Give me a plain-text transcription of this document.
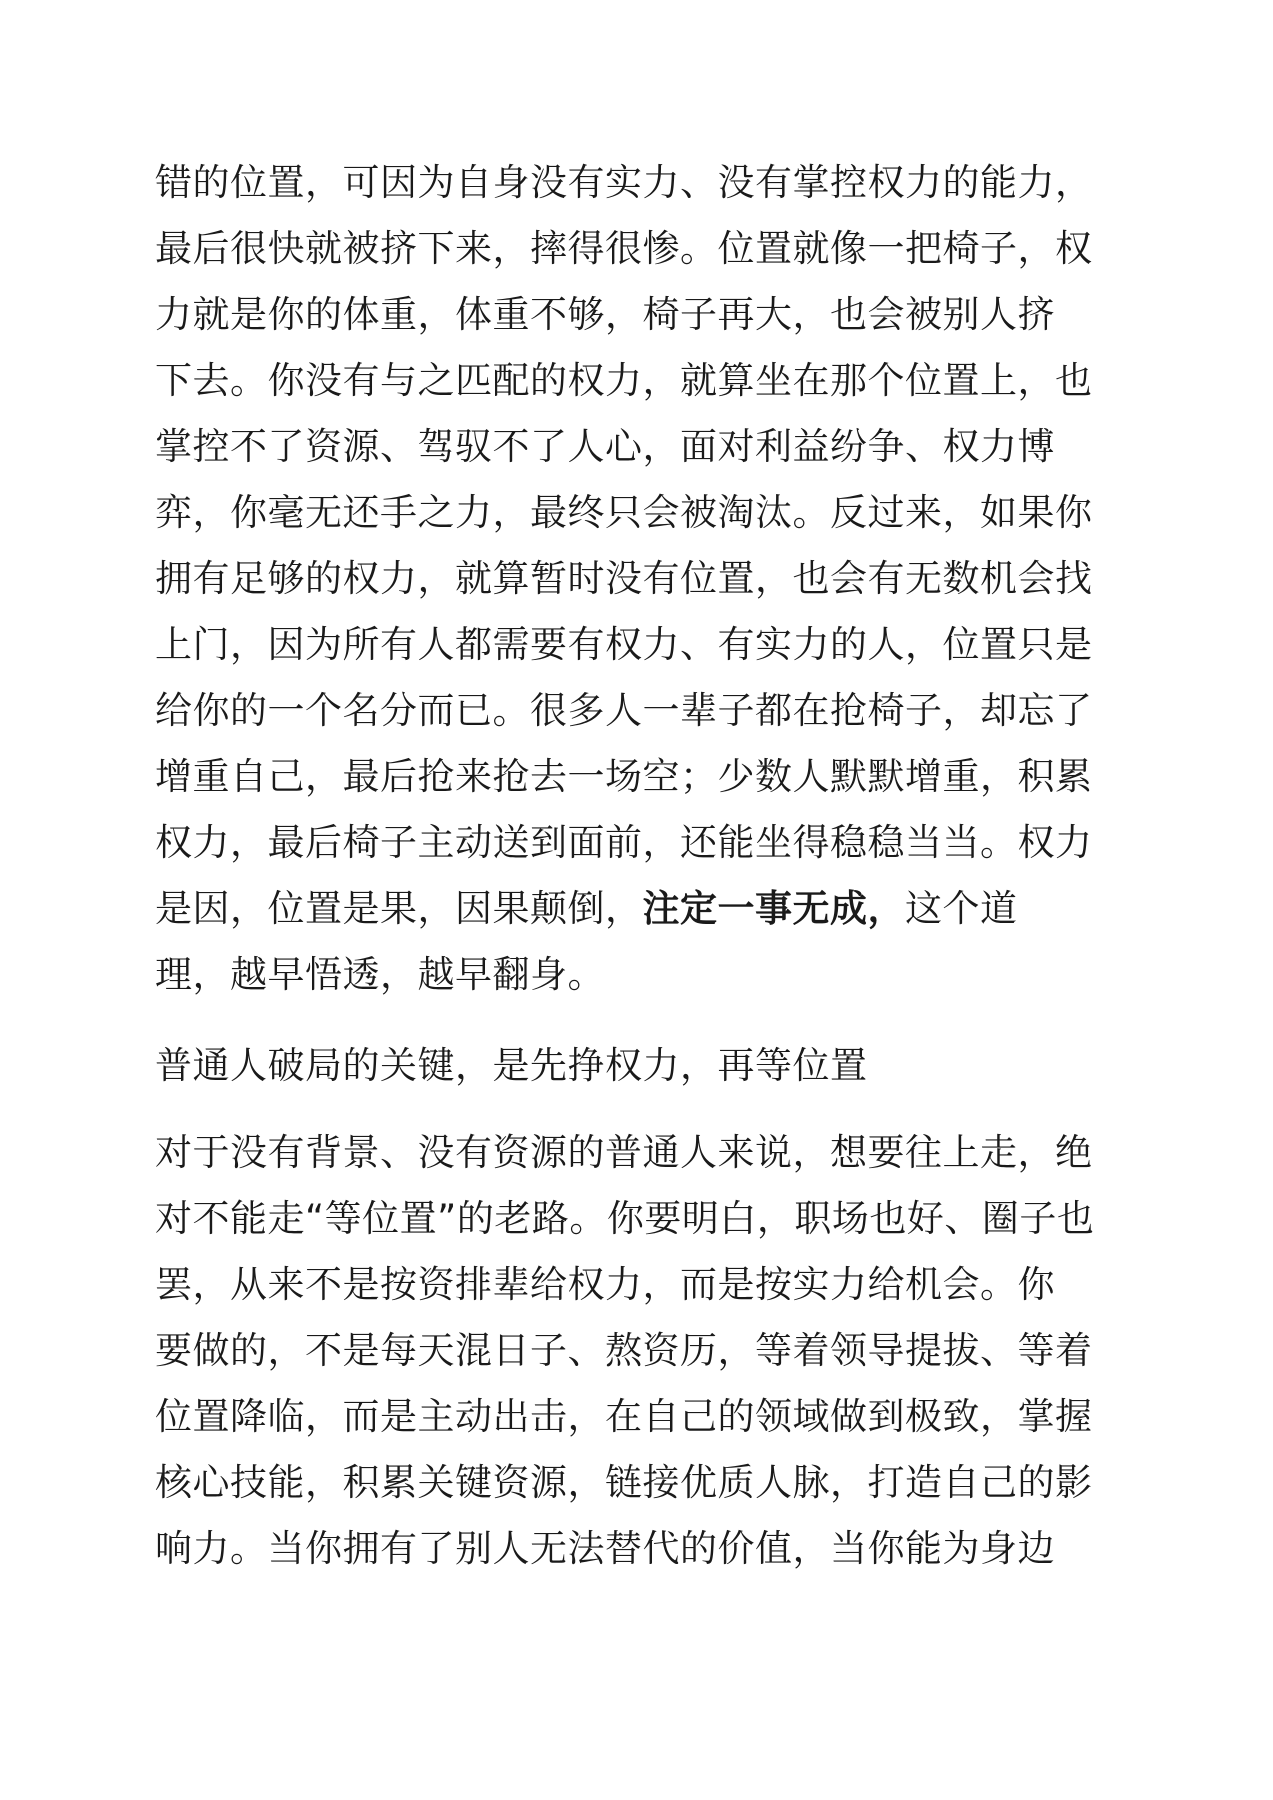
错的位置，可因为自身没有实力、没有掌控权力的能力，
最后很快就被挤下来，摔得很惨。位置就像一把椅子，权
力就是你的体重，体重不够，椅子再大，也会被别人挤
下去。你没有与之匹配的权力，就算坐在那个位置上，也
掌控不了资源、驾驭不了人心，面对利益纷争、权力博
弈，你毫无还手之力，最终只会被淘汰。反过来，如果你
拥有足够的权力，就算暂时没有位置，也会有无数机会找
上门，因为所有人都需要有权力、有实力的人，位置只是
给你的一个名分而已。很多人一辈子都在抢椅子，却忘了
增重自己，最后抢来抢去一场空；少数人默默增重，积累
权力，最后椅子主动送到面前，还能坐得稳稳当当。权力
是因，位置是果，因果颠倒，注定一事无成，这个道
理，越早悟透，越早翻身。
普通人破局的关键，是先挣权力，再等位置
对于没有背景、没有资源的普通人来说，想要往上走，绝
对不能走“等位置”的老路。你要明白，职场也好、圈子也
罢，从来不是按资排辈给权力，而是按实力给机会。你
要做的，不是每天混日子、熬资历，等着领导提拔、等着
位置降临，而是主动出击，在自己的领域做到极致，掌握
核心技能，积累关键资源，链接优质人脉，打造自己的影
响力。当你拥有了别人无法替代的价值，当你能为身边
